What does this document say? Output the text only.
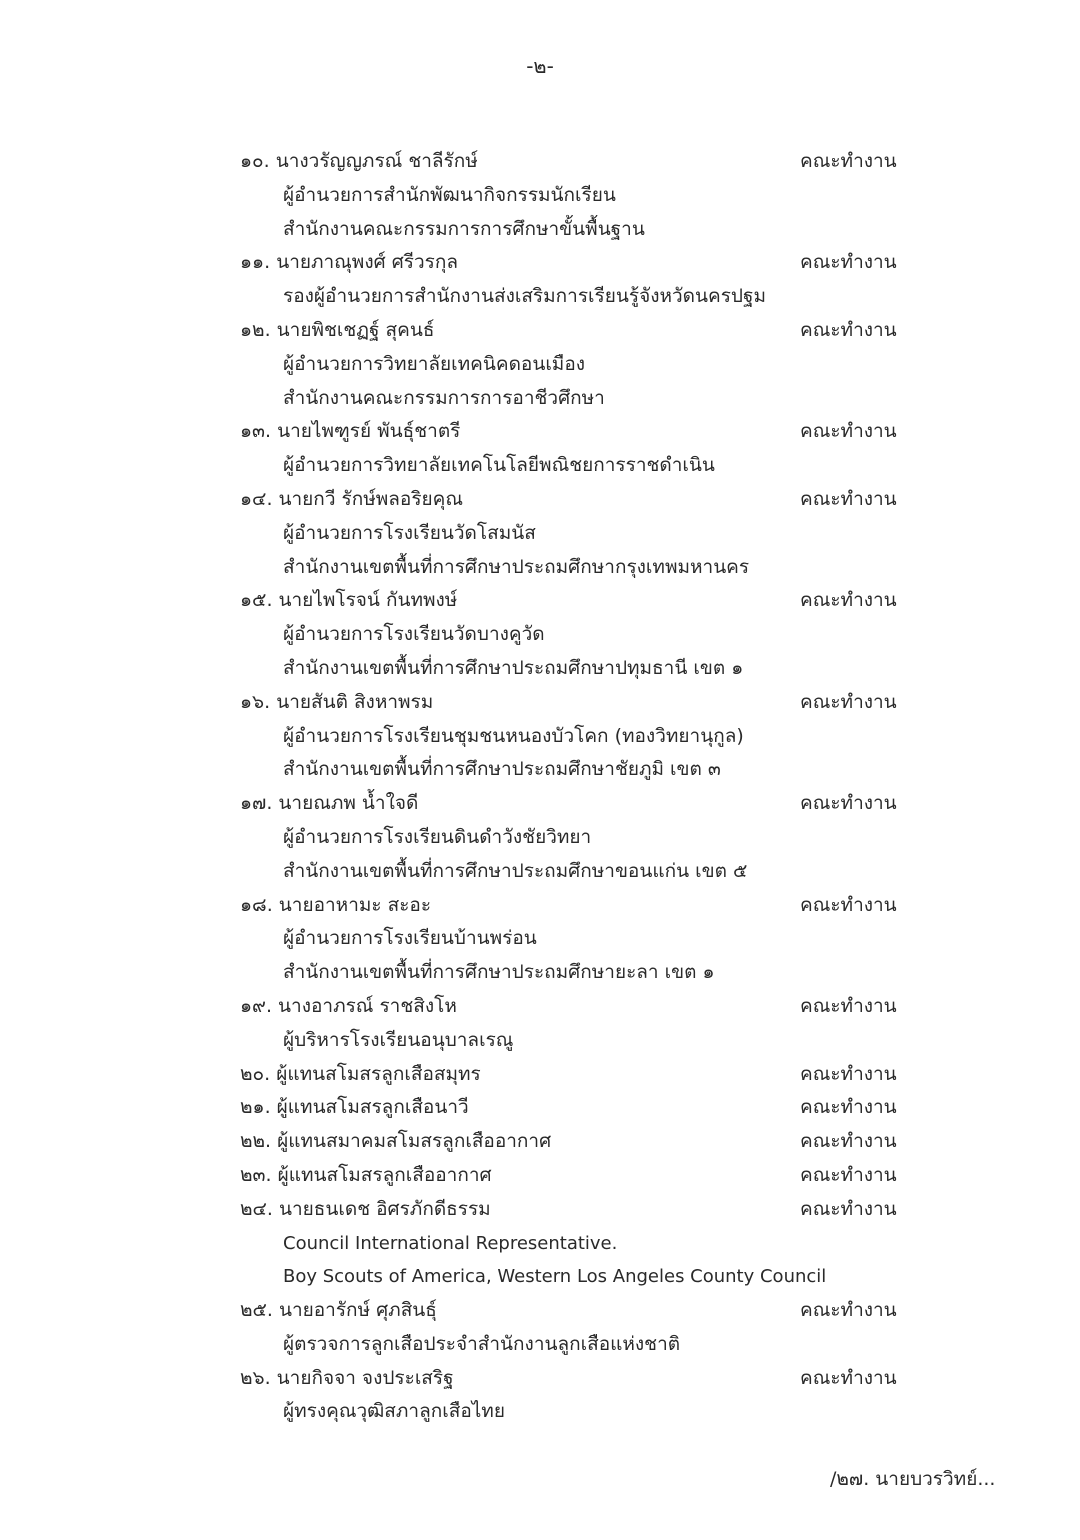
-๒-
๑๐. นางวรัญญภรณ์ ชาลีรักษ์	คณะทำงาน
ผู้อำนวยการสำนักพัฒนากิจกรรมนักเรียน
สำนักงานคณะกรรมการการศึกษาขั้นพื้นฐาน
๑๑. นายภาณุพงศ์ ศรีวรกุล	คณะทำงาน
รองผู้อำนวยการสำนักงานส่งเสริมการเรียนรู้จังหวัดนครปฐม
๑๒. นายพิชเชฏฐ์ สุคนธ์	คณะทำงาน
ผู้อำนวยการวิทยาลัยเทคนิคดอนเมือง
สำนักงานคณะกรรมการการอาชีวศึกษา
๑๓. นายไพฑูรย์ พันธุ์ชาตรี	คณะทำงาน
ผู้อำนวยการวิทยาลัยเทคโนโลยีพณิชยการราชดำเนิน
๑๔. นายกวี รักษ์พลอริยคุณ	คณะทำงาน
ผู้อำนวยการโรงเรียนวัดโสมนัส
สำนักงานเขตพื้นที่การศึกษาประถมศึกษากรุงเทพมหานคร
๑๕. นายไพโรจน์ กันทพงษ์	คณะทำงาน
ผู้อำนวยการโรงเรียนวัดบางคูวัด
สำนักงานเขตพื้นที่การศึกษาประถมศึกษาปทุมธานี เขต ๑
๑๖. นายสันติ สิงหาพรม	คณะทำงาน
ผู้อำนวยการโรงเรียนชุมชนหนองบัวโคก (ทองวิทยานุกูล)
สำนักงานเขตพื้นที่การศึกษาประถมศึกษาชัยภูมิ เขต ๓
๑๗. นายณภพ น้ำใจดี	คณะทำงาน
ผู้อำนวยการโรงเรียนดินดำวังชัยวิทยา
สำนักงานเขตพื้นที่การศึกษาประถมศึกษาขอนแก่น เขต ๕
๑๘. นายอาหามะ สะอะ	คณะทำงาน
ผู้อำนวยการโรงเรียนบ้านพร่อน
สำนักงานเขตพื้นที่การศึกษาประถมศึกษายะลา เขต ๑
๑๙. นางอาภรณ์ ราชสิงโห	คณะทำงาน
ผู้บริหารโรงเรียนอนุบาลเรณู
๒๐. ผู้แทนสโมสรลูกเสือสมุทร	คณะทำงาน
๒๑. ผู้แทนสโมสรลูกเสือนาวี	คณะทำงาน
๒๒. ผู้แทนสมาคมสโมสรลูกเสืออากาศ	คณะทำงาน
๒๓. ผู้แทนสโมสรลูกเสืออากาศ	คณะทำงาน
๒๔. นายธนเดช อิศรภักดีธรรม	คณะทำงาน
Council International Representative.
Boy Scouts of America, Western Los Angeles County Council
๒๕. นายอารักษ์ ศุภสินธุ์	คณะทำงาน
ผู้ตรวจการลูกเสือประจำสำนักงานลูกเสือแห่งชาติ
๒๖. นายกิจจา จงประเสริฐ	คณะทำงาน
ผู้ทรงคุณวุฒิสภาลูกเสือไทย
/๒๗. นายบวรวิทย์...
